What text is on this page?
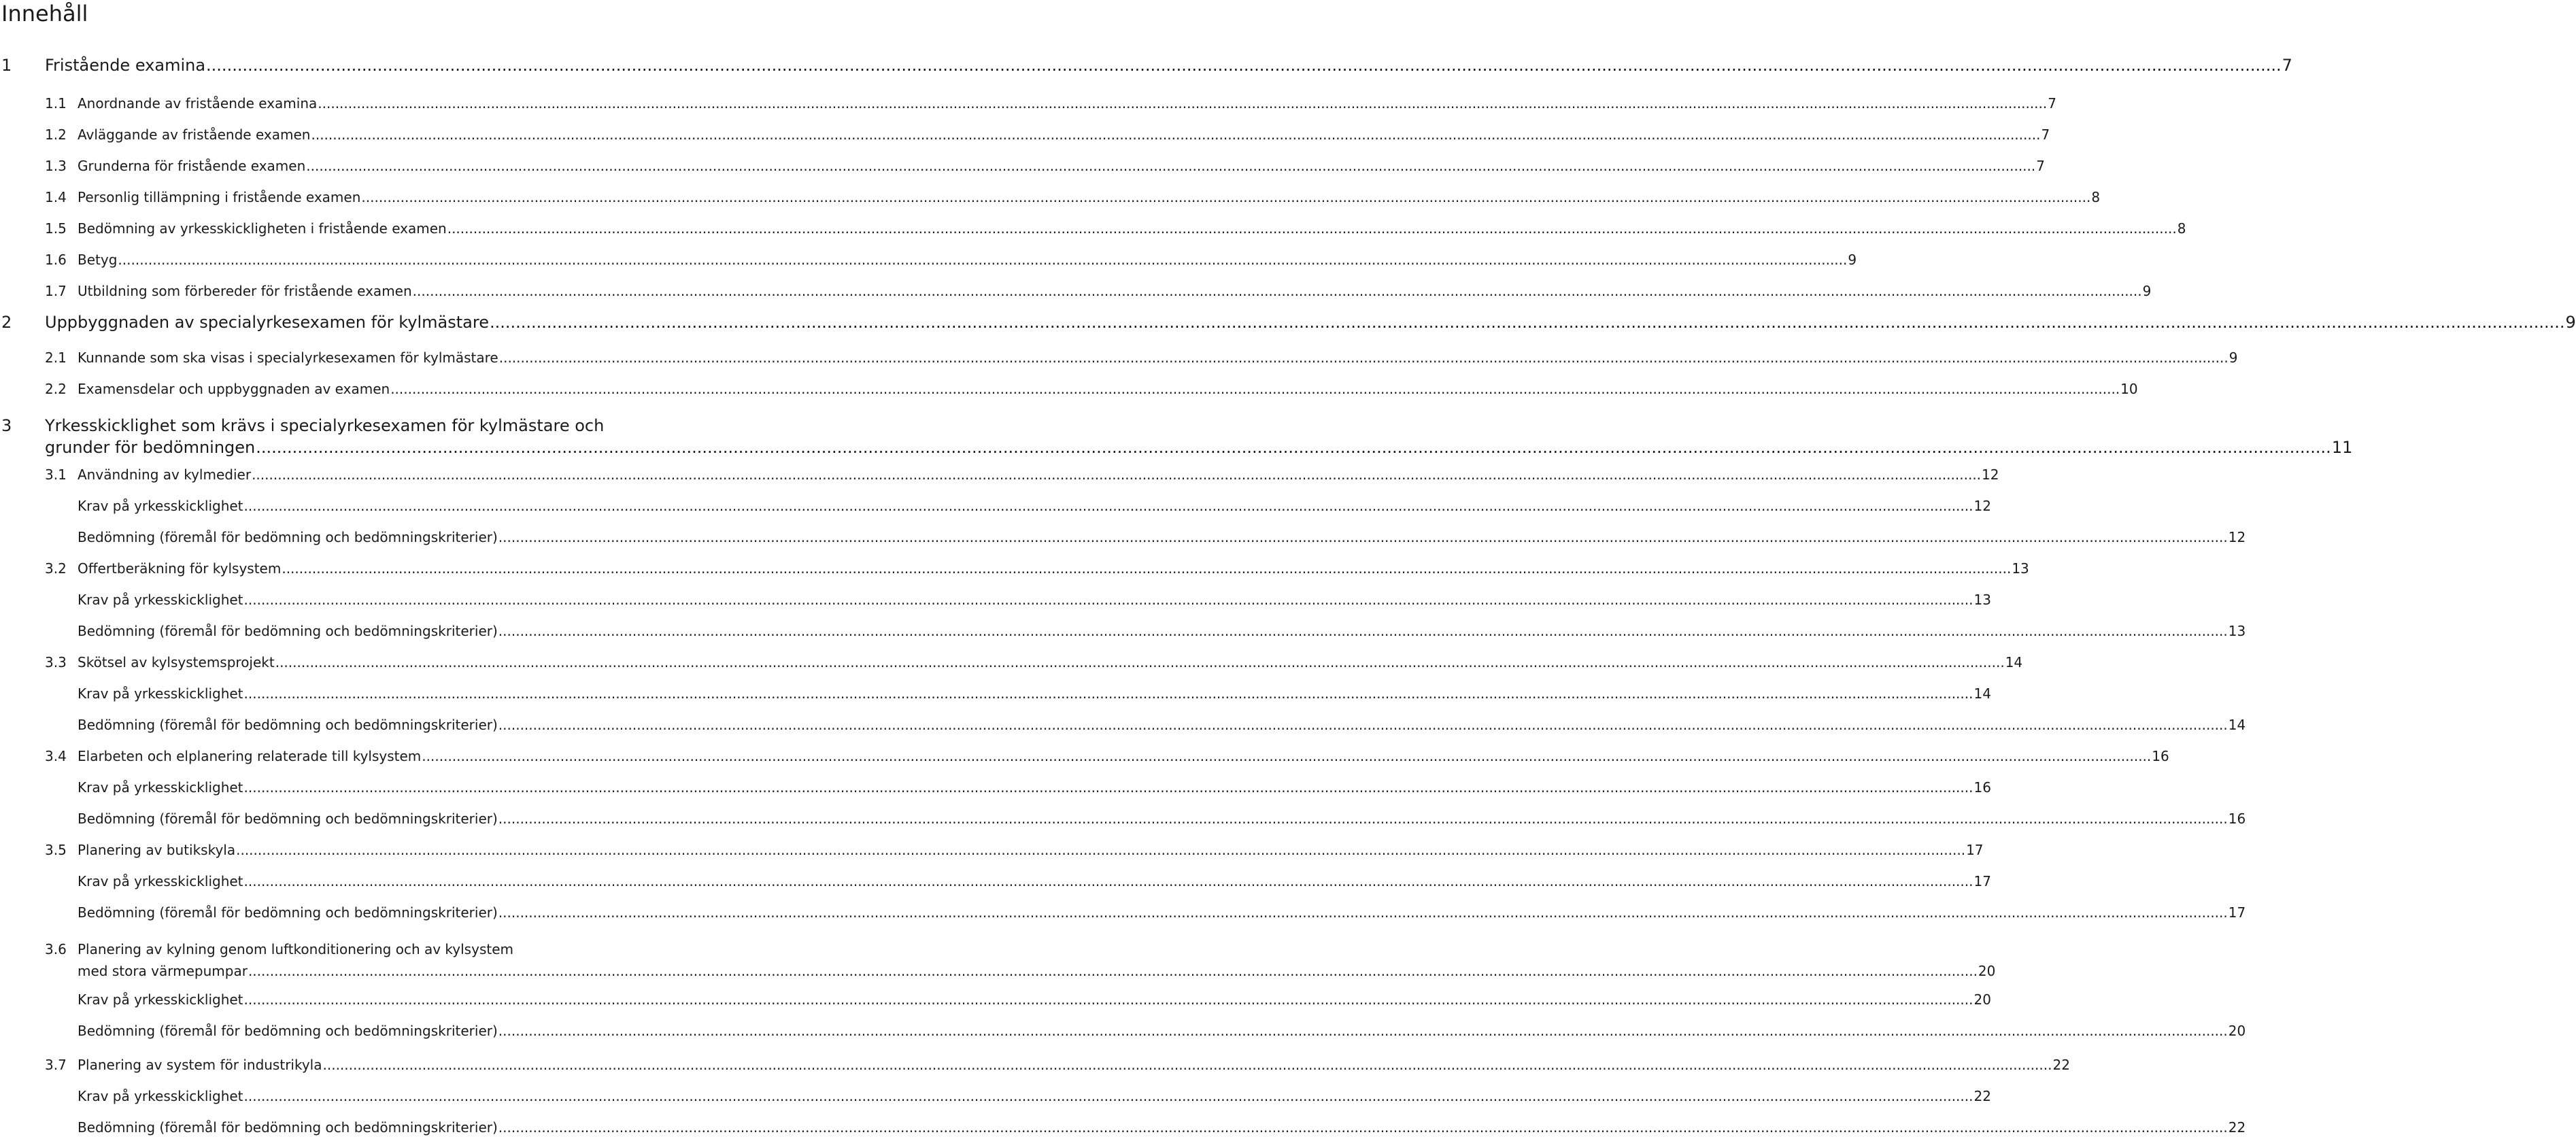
Innehåll
1 Fristående examina ................................................................................................................................................................................................................................................................................................................................................................................................................ 7
1.1 Anordnande av fristående examina ................................................................................................................................................................................................................................................................................................................................................................................................................ 7
1.2 Avläggande av fristående examen ................................................................................................................................................................................................................................................................................................................................................................................................................ 7
1.3 Grunderna för fristående examen ................................................................................................................................................................................................................................................................................................................................................................................................................ 7
1.4 Personlig tillämpning i fristående examen ................................................................................................................................................................................................................................................................................................................................................................................................................ 8
1.5 Bedömning av yrkesskickligheten i fristående examen ................................................................................................................................................................................................................................................................................................................................................................................................................ 8
1.6 Betyg ................................................................................................................................................................................................................................................................................................................................................................................................................ 9
1.7 Utbildning som förbereder för fristående examen ................................................................................................................................................................................................................................................................................................................................................................................................................ 9
2 Uppbyggnaden av specialyrkesexamen för kylmästare ................................................................................................................................................................................................................................................................................................................................................................................................................ 9
2.1 Kunnande som ska visas i specialyrkesexamen för kylmästare ................................................................................................................................................................................................................................................................................................................................................................................................................ 9
2.2 Examensdelar och uppbyggnaden av examen ................................................................................................................................................................................................................................................................................................................................................................................................................ 10
3 Yrkesskicklighet som krävs i specialyrkesexamen för kylmästare och
grunder för bedömningen ................................................................................................................................................................................................................................................................................................................................................................................................................ 11
3.1 Användning av kylmedier ................................................................................................................................................................................................................................................................................................................................................................................................................ 12
Krav på yrkesskicklighet ................................................................................................................................................................................................................................................................................................................................................................................................................ 12
Bedömning (föremål för bedömning och bedömningskriterier) ................................................................................................................................................................................................................................................................................................................................................................................................................ 12
3.2 Offertberäkning för kylsystem ................................................................................................................................................................................................................................................................................................................................................................................................................ 13
Krav på yrkesskicklighet ................................................................................................................................................................................................................................................................................................................................................................................................................ 13
Bedömning (föremål för bedömning och bedömningskriterier) ................................................................................................................................................................................................................................................................................................................................................................................................................ 13
3.3 Skötsel av kylsystemsprojekt ................................................................................................................................................................................................................................................................................................................................................................................................................ 14
Krav på yrkesskicklighet ................................................................................................................................................................................................................................................................................................................................................................................................................ 14
Bedömning (föremål för bedömning och bedömningskriterier) ................................................................................................................................................................................................................................................................................................................................................................................................................ 14
3.4 Elarbeten och elplanering relaterade till kylsystem ................................................................................................................................................................................................................................................................................................................................................................................................................ 16
Krav på yrkesskicklighet ................................................................................................................................................................................................................................................................................................................................................................................................................ 16
Bedömning (föremål för bedömning och bedömningskriterier) ................................................................................................................................................................................................................................................................................................................................................................................................................ 16
3.5 Planering av butikskyla ................................................................................................................................................................................................................................................................................................................................................................................................................ 17
Krav på yrkesskicklighet ................................................................................................................................................................................................................................................................................................................................................................................................................ 17
Bedömning (föremål för bedömning och bedömningskriterier) ................................................................................................................................................................................................................................................................................................................................................................................................................ 17
3.6 Planering av kylning genom luftkonditionering och av kylsystem
med stora värmepumpar ................................................................................................................................................................................................................................................................................................................................................................................................................ 20
Krav på yrkesskicklighet ................................................................................................................................................................................................................................................................................................................................................................................................................ 20
Bedömning (föremål för bedömning och bedömningskriterier) ................................................................................................................................................................................................................................................................................................................................................................................................................ 20
3.7 Planering av system för industrikyla ................................................................................................................................................................................................................................................................................................................................................................................................................ 22
Krav på yrkesskicklighet ................................................................................................................................................................................................................................................................................................................................................................................................................ 22
Bedömning (föremål för bedömning och bedömningskriterier) ................................................................................................................................................................................................................................................................................................................................................................................................................ 22
